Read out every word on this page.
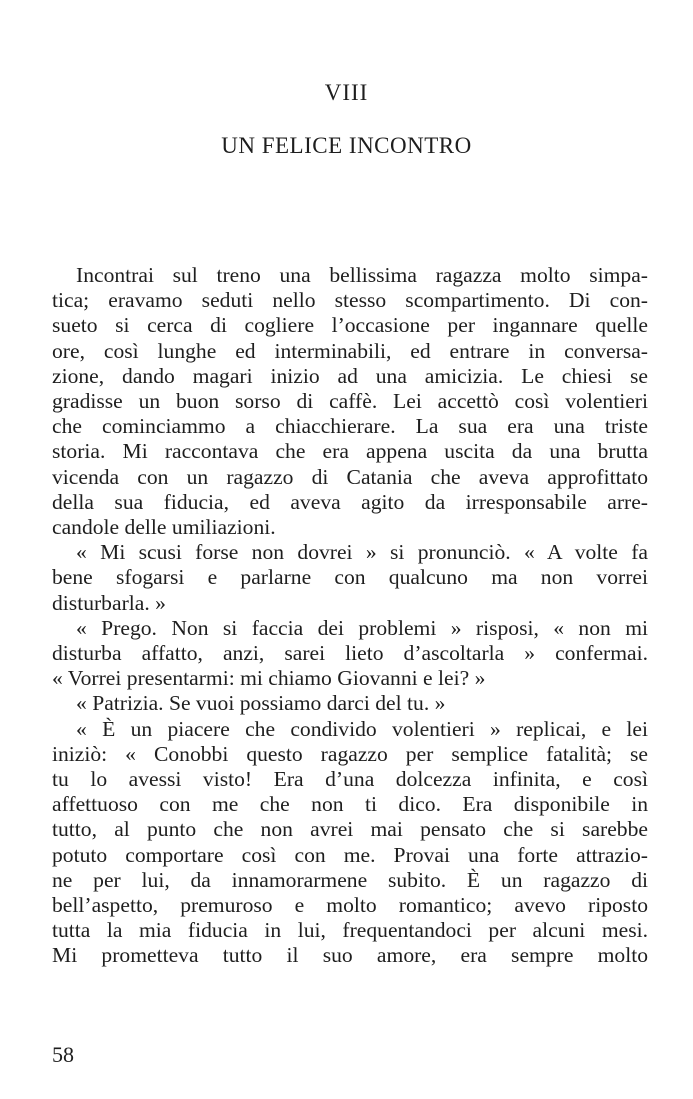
VIII
UN FELICE INCONTRO
Incontrai sul treno una bellissima ragazza molto simpa-
tica; eravamo seduti nello stesso scompartimento. Di con-
sueto si cerca di cogliere l’occasione per ingannare quelle
ore, così lunghe ed interminabili, ed entrare in conversa-
zione, dando magari inizio ad una amicizia. Le chiesi se
gradisse un buon sorso di caffè. Lei accettò così volentieri
che cominciammo a chiacchierare. La sua era una triste
storia. Mi raccontava che era appena uscita da una brutta
vicenda con un ragazzo di Catania che aveva approfittato
della sua fiducia, ed aveva agito da irresponsabile arre-
candole delle umiliazioni.
« Mi scusi forse non dovrei » si pronunciò. « A volte fa
bene sfogarsi e parlarne con qualcuno ma non vorrei
disturbarla. »
« Prego. Non si faccia dei problemi » risposi, « non mi
disturba affatto, anzi, sarei lieto d’ascoltarla » confermai.
« Vorrei presentarmi: mi chiamo Giovanni e lei? »
« Patrizia. Se vuoi possiamo darci del tu. »
« È un piacere che condivido volentieri » replicai, e lei
iniziò: « Conobbi questo ragazzo per semplice fatalità; se
tu lo avessi visto! Era d’una dolcezza infinita, e così
affettuoso con me che non ti dico. Era disponibile in
tutto, al punto che non avrei mai pensato che si sarebbe
potuto comportare così con me. Provai una forte attrazio-
ne per lui, da innamorarmene subito. È un ragazzo di
bell’aspetto, premuroso e molto romantico; avevo riposto
tutta la mia fiducia in lui, frequentandoci per alcuni mesi.
Mi prometteva tutto il suo amore, era sempre molto
58
